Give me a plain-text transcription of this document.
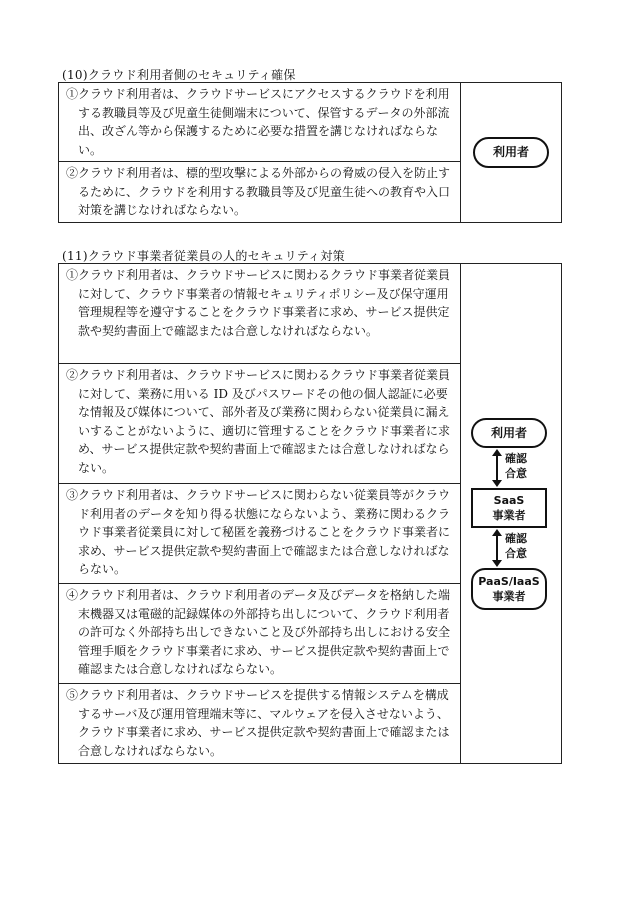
(10)クラウド利用者側のセキュリティ確保
①クラウド利用者は、クラウドサービスにアクセスするクラウドを利用する教職員等及び児童生徒側端末について、保管するデータの外部流出、改ざん等から保護するために必要な措置を講じなければならない。	利用者

②クラウド利用者は、標的型攻撃による外部からの脅威の侵入を防止するために、クラウドを利用する教職員等及び児童生徒への教育や入口対策を講じなければならない。
(11)クラウド事業者従業員の人的セキュリティ対策
①クラウド利用者は、クラウドサービスに関わるクラウド事業者従業員に対して、クラウド事業者の情報セキュリティポリシー及び保守運用管理規程等を遵守することをクラウド事業者に求め、サービス提供定款や契約書面上で確認または合意しなければならない。

利用者
確認
合意
SaaS
事業者
確認
合意
PaaS/IaaS
事業者

②クラウド利用者は、クラウドサービスに関わるクラウド事業者従業員に対して、業務に用いる ID 及びパスワードその他の個人認証に必要な情報及び媒体について、部外者及び業務に関わらない従業員に漏えいすることがないように、適切に管理することをクラウド事業者に求め、サービス提供定款や契約書面上で確認または合意しなければならない。

③クラウド利用者は、クラウドサービスに関わらない従業員等がクラウド利用者のデータを知り得る状態にならないよう、業務に関わるクラウド事業者従業員に対して秘匿を義務づけることをクラウド事業者に求め、サービス提供定款や契約書面上で確認または合意しなければならない。

④クラウド利用者は、クラウド利用者のデータ及びデータを格納した端末機器又は電磁的記録媒体の外部持ち出しについて、クラウド利用者の許可なく外部持ち出しできないこと及び外部持ち出しにおける安全管理手順をクラウド事業者に求め、サービス提供定款や契約書面上で確認または合意しなければならない。

⑤クラウド利用者は、クラウドサービスを提供する情報システムを構成するサーバ及び運用管理端末等に、マルウェアを侵入させないよう、クラウド事業者に求め、サービス提供定款や契約書面上で確認または合意しなければならない。
